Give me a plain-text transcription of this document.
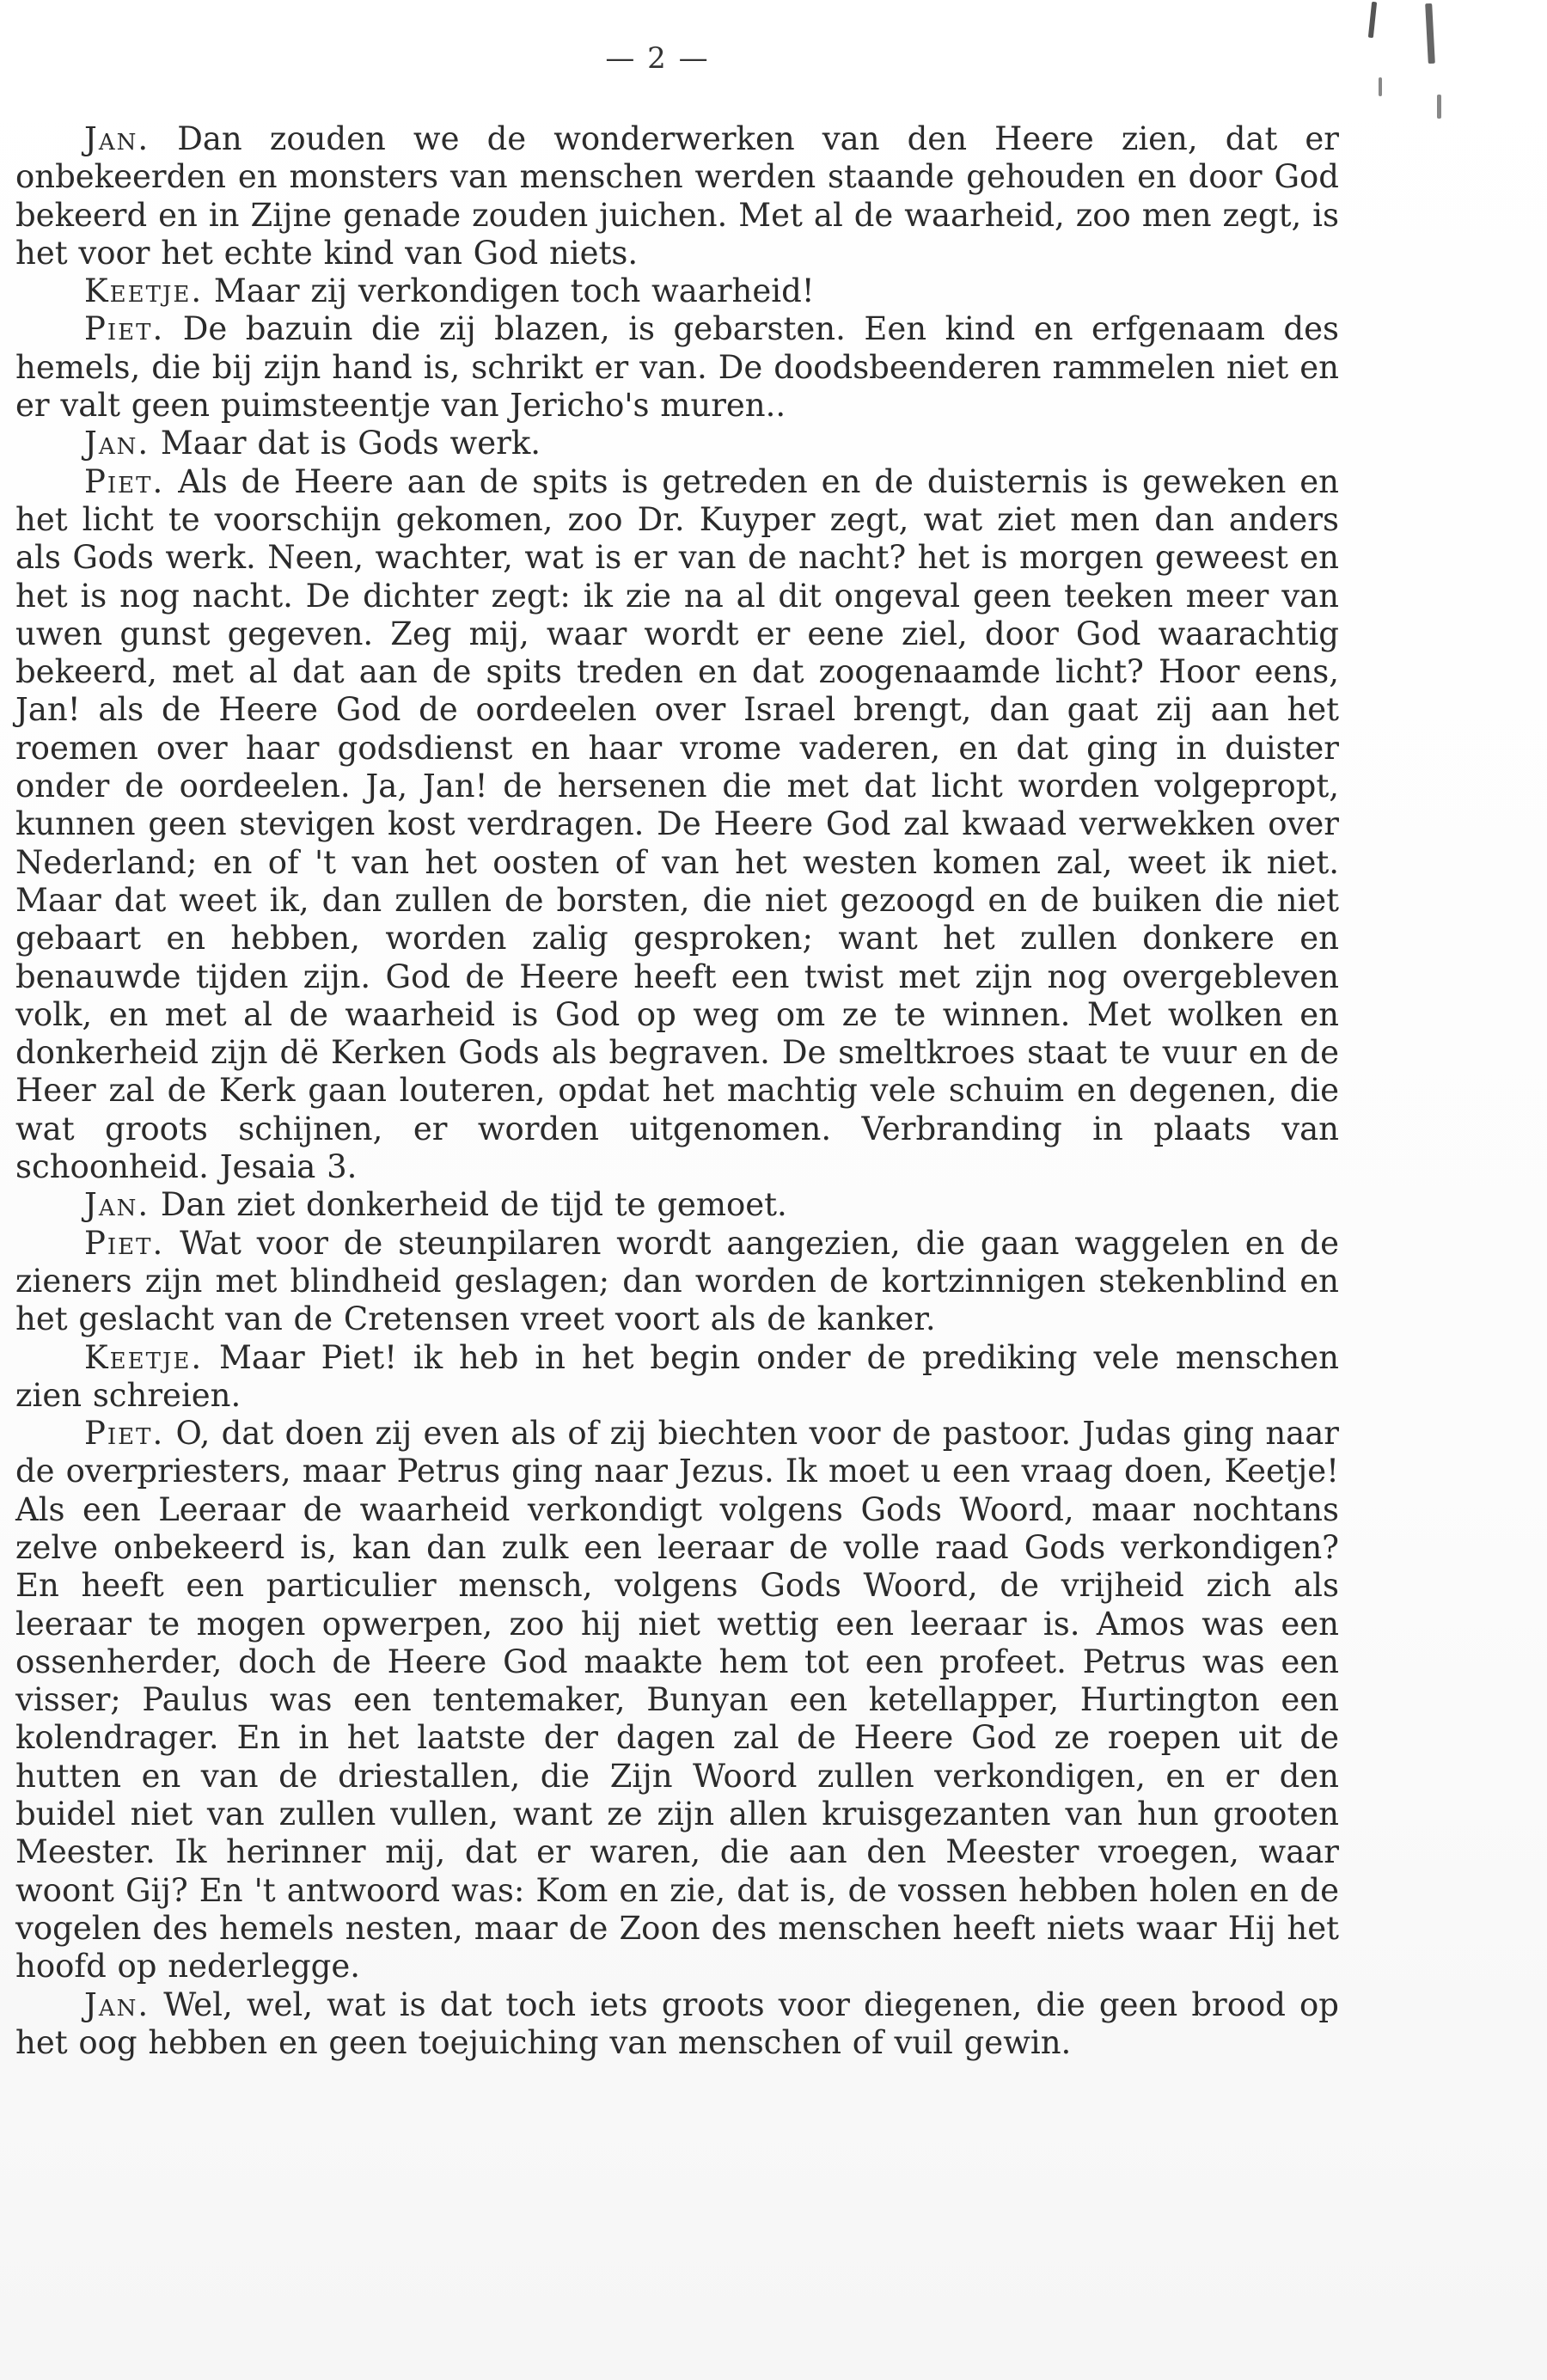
— 2 —

Jan. Dan zouden we de wonderwerken van den Heere zien, dat er onbekeerden en monsters van menschen werden staande gehouden en door God bekeerd en in Zijne genade zouden juichen. Met al de waarheid, zoo men zegt, is het voor het echte kind van God niets.

Keetje. Maar zij verkondigen toch waarheid!

Piet. De bazuin die zij blazen, is gebarsten. Een kind en erfgenaam des hemels, die bij zijn hand is, schrikt er van. De doodsbeenderen rammelen niet en er valt geen puimsteentje van Jericho's muren..

Jan. Maar dat is Gods werk.

Piet. Als de Heere aan de spits is getreden en de duisternis is geweken en het licht te voorschijn gekomen, zoo Dr. Kuyper zegt, wat ziet men dan anders als Gods werk. Neen, wachter, wat is er van de nacht? het is morgen geweest en het is nog nacht. De dichter zegt: ik zie na al dit ongeval geen teeken meer van uwen gunst gegeven. Zeg mij, waar wordt er eene ziel, door God waarachtig bekeerd, met al dat aan de spits treden en dat zoogenaamde licht? Hoor eens, Jan! als de Heere God de oordeelen over Israel brengt, dan gaat zij aan het roemen over haar godsdienst en haar vrome vaderen, en dat ging in duister onder de oordeelen. Ja, Jan! de hersenen die met dat licht worden volgepropt, kunnen geen stevigen kost verdragen. De Heere God zal kwaad verwekken over Nederland; en of 't van het oosten of van het westen komen zal, weet ik niet. Maar dat weet ik, dan zullen de borsten, die niet gezoogd en de buiken die niet gebaart en hebben, worden zalig gesproken; want het zullen donkere en benauwde tijden zijn. God de Heere heeft een twist met zijn nog overgebleven volk, en met al de waarheid is God op weg om ze te winnen. Met wolken en donkerheid zijn dë Kerken Gods als begraven. De smeltkroes staat te vuur en de Heer zal de Kerk gaan louteren, opdat het machtig vele schuim en degenen, die wat groots schijnen, er worden uitgenomen. Verbranding in plaats van schoonheid. Jesaia 3.

Jan. Dan ziet donkerheid de tijd te gemoet.

Piet. Wat voor de steunpilaren wordt aangezien, die gaan waggelen en de zieners zijn met blindheid geslagen; dan worden de kortzinnigen stekenblind en het geslacht van de Cretensen vreet voort als de kanker.

Keetje. Maar Piet! ik heb in het begin onder de prediking vele menschen zien schreien.

Piet. O, dat doen zij even als of zij biechten voor de pastoor. Judas ging naar de overpriesters, maar Petrus ging naar Jezus. Ik moet u een vraag doen, Keetje! Als een Leeraar de waarheid verkondigt volgens Gods Woord, maar nochtans zelve onbekeerd is, kan dan zulk een leeraar de volle raad Gods verkondigen? En heeft een particulier mensch, volgens Gods Woord, de vrijheid zich als leeraar te mogen opwerpen, zoo hij niet wettig een leeraar is. Amos was een ossenherder, doch de Heere God maakte hem tot een profeet. Petrus was een visser; Paulus was een tentemaker, Bunyan een ketellapper, Hurtington een kolendrager. En in het laatste der dagen zal de Heere God ze roepen uit de hutten en van de driestallen, die Zijn Woord zullen verkondigen, en er den buidel niet van zullen vullen, want ze zijn allen kruisgezanten van hun grooten Meester. Ik herinner mij, dat er waren, die aan den Meester vroegen, waar woont Gij? En 't antwoord was: Kom en zie, dat is, de vossen hebben holen en de vogelen des hemels nesten, maar de Zoon des menschen heeft niets waar Hij het hoofd op nederlegge.

Jan. Wel, wel, wat is dat toch iets groots voor diegenen, die geen brood op het oog hebben en geen toejuiching van menschen of vuil gewin.
